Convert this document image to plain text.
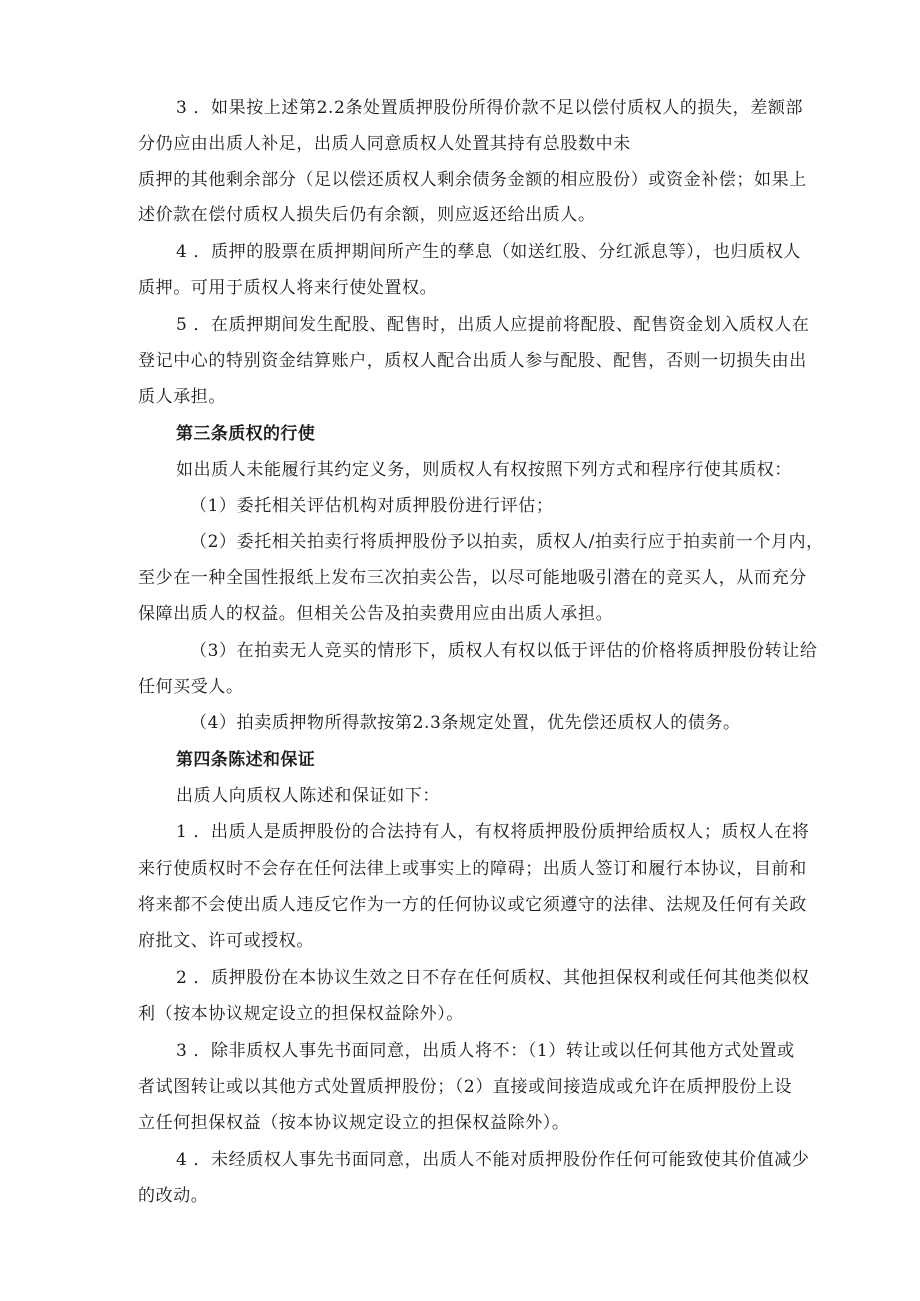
3 ．如果按上述第2.2条处置质押股份所得价款不足以偿付质权人的损失，差额部
分仍应由出质人补足，出质人同意质权人处置其持有总股数中未
质押的其他剩余部分（足以偿还质权人剩余债务金额的相应股份）或资金补偿；如果上
述价款在偿付质权人损失后仍有余额，则应返还给出质人。
4 ．质押的股票在质押期间所产生的孳息（如送红股、分红派息等），也归质权人
质押。可用于质权人将来行使处置权。
5 ．在质押期间发生配股、配售时，出质人应提前将配股、配售资金划入质权人在
登记中心的特别资金结算账户，质权人配合出质人参与配股、配售，否则一切损失由出
质人承担。
第三条质权的行使
如出质人未能履行其约定义务，则质权人有权按照下列方式和程序行使其质权：
（1）委托相关评估机构对质押股份进行评估；
（2）委托相关拍卖行将质押股份予以拍卖，质权人/拍卖行应于拍卖前一个月内，
至少在一种全国性报纸上发布三次拍卖公告，以尽可能地吸引潜在的竞买人，从而充分
保障出质人的权益。但相关公告及拍卖费用应由出质人承担。
（3）在拍卖无人竞买的情形下，质权人有权以低于评估的价格将质押股份转让给
任何买受人。
（4）拍卖质押物所得款按第2.3条规定处置，优先偿还质权人的债务。
第四条陈述和保证
出质人向质权人陈述和保证如下：
1 ．出质人是质押股份的合法持有人，有权将质押股份质押给质权人；质权人在将
来行使质权时不会存在任何法律上或事实上的障碍；出质人签订和履行本协议，目前和
将来都不会使出质人违反它作为一方的任何协议或它须遵守的法律、法规及任何有关政
府批文、许可或授权。
2 ．质押股份在本协议生效之日不存在任何质权、其他担保权利或任何其他类似权
利（按本协议规定设立的担保权益除外）。
3 ．除非质权人事先书面同意，出质人将不：（1）转让或以任何其他方式处置或
者试图转让或以其他方式处置质押股份；（2）直接或间接造成或允许在质押股份上设
立任何担保权益（按本协议规定设立的担保权益除外）。
4 ．未经质权人事先书面同意，出质人不能对质押股份作任何可能致使其价值减少
的改动。
